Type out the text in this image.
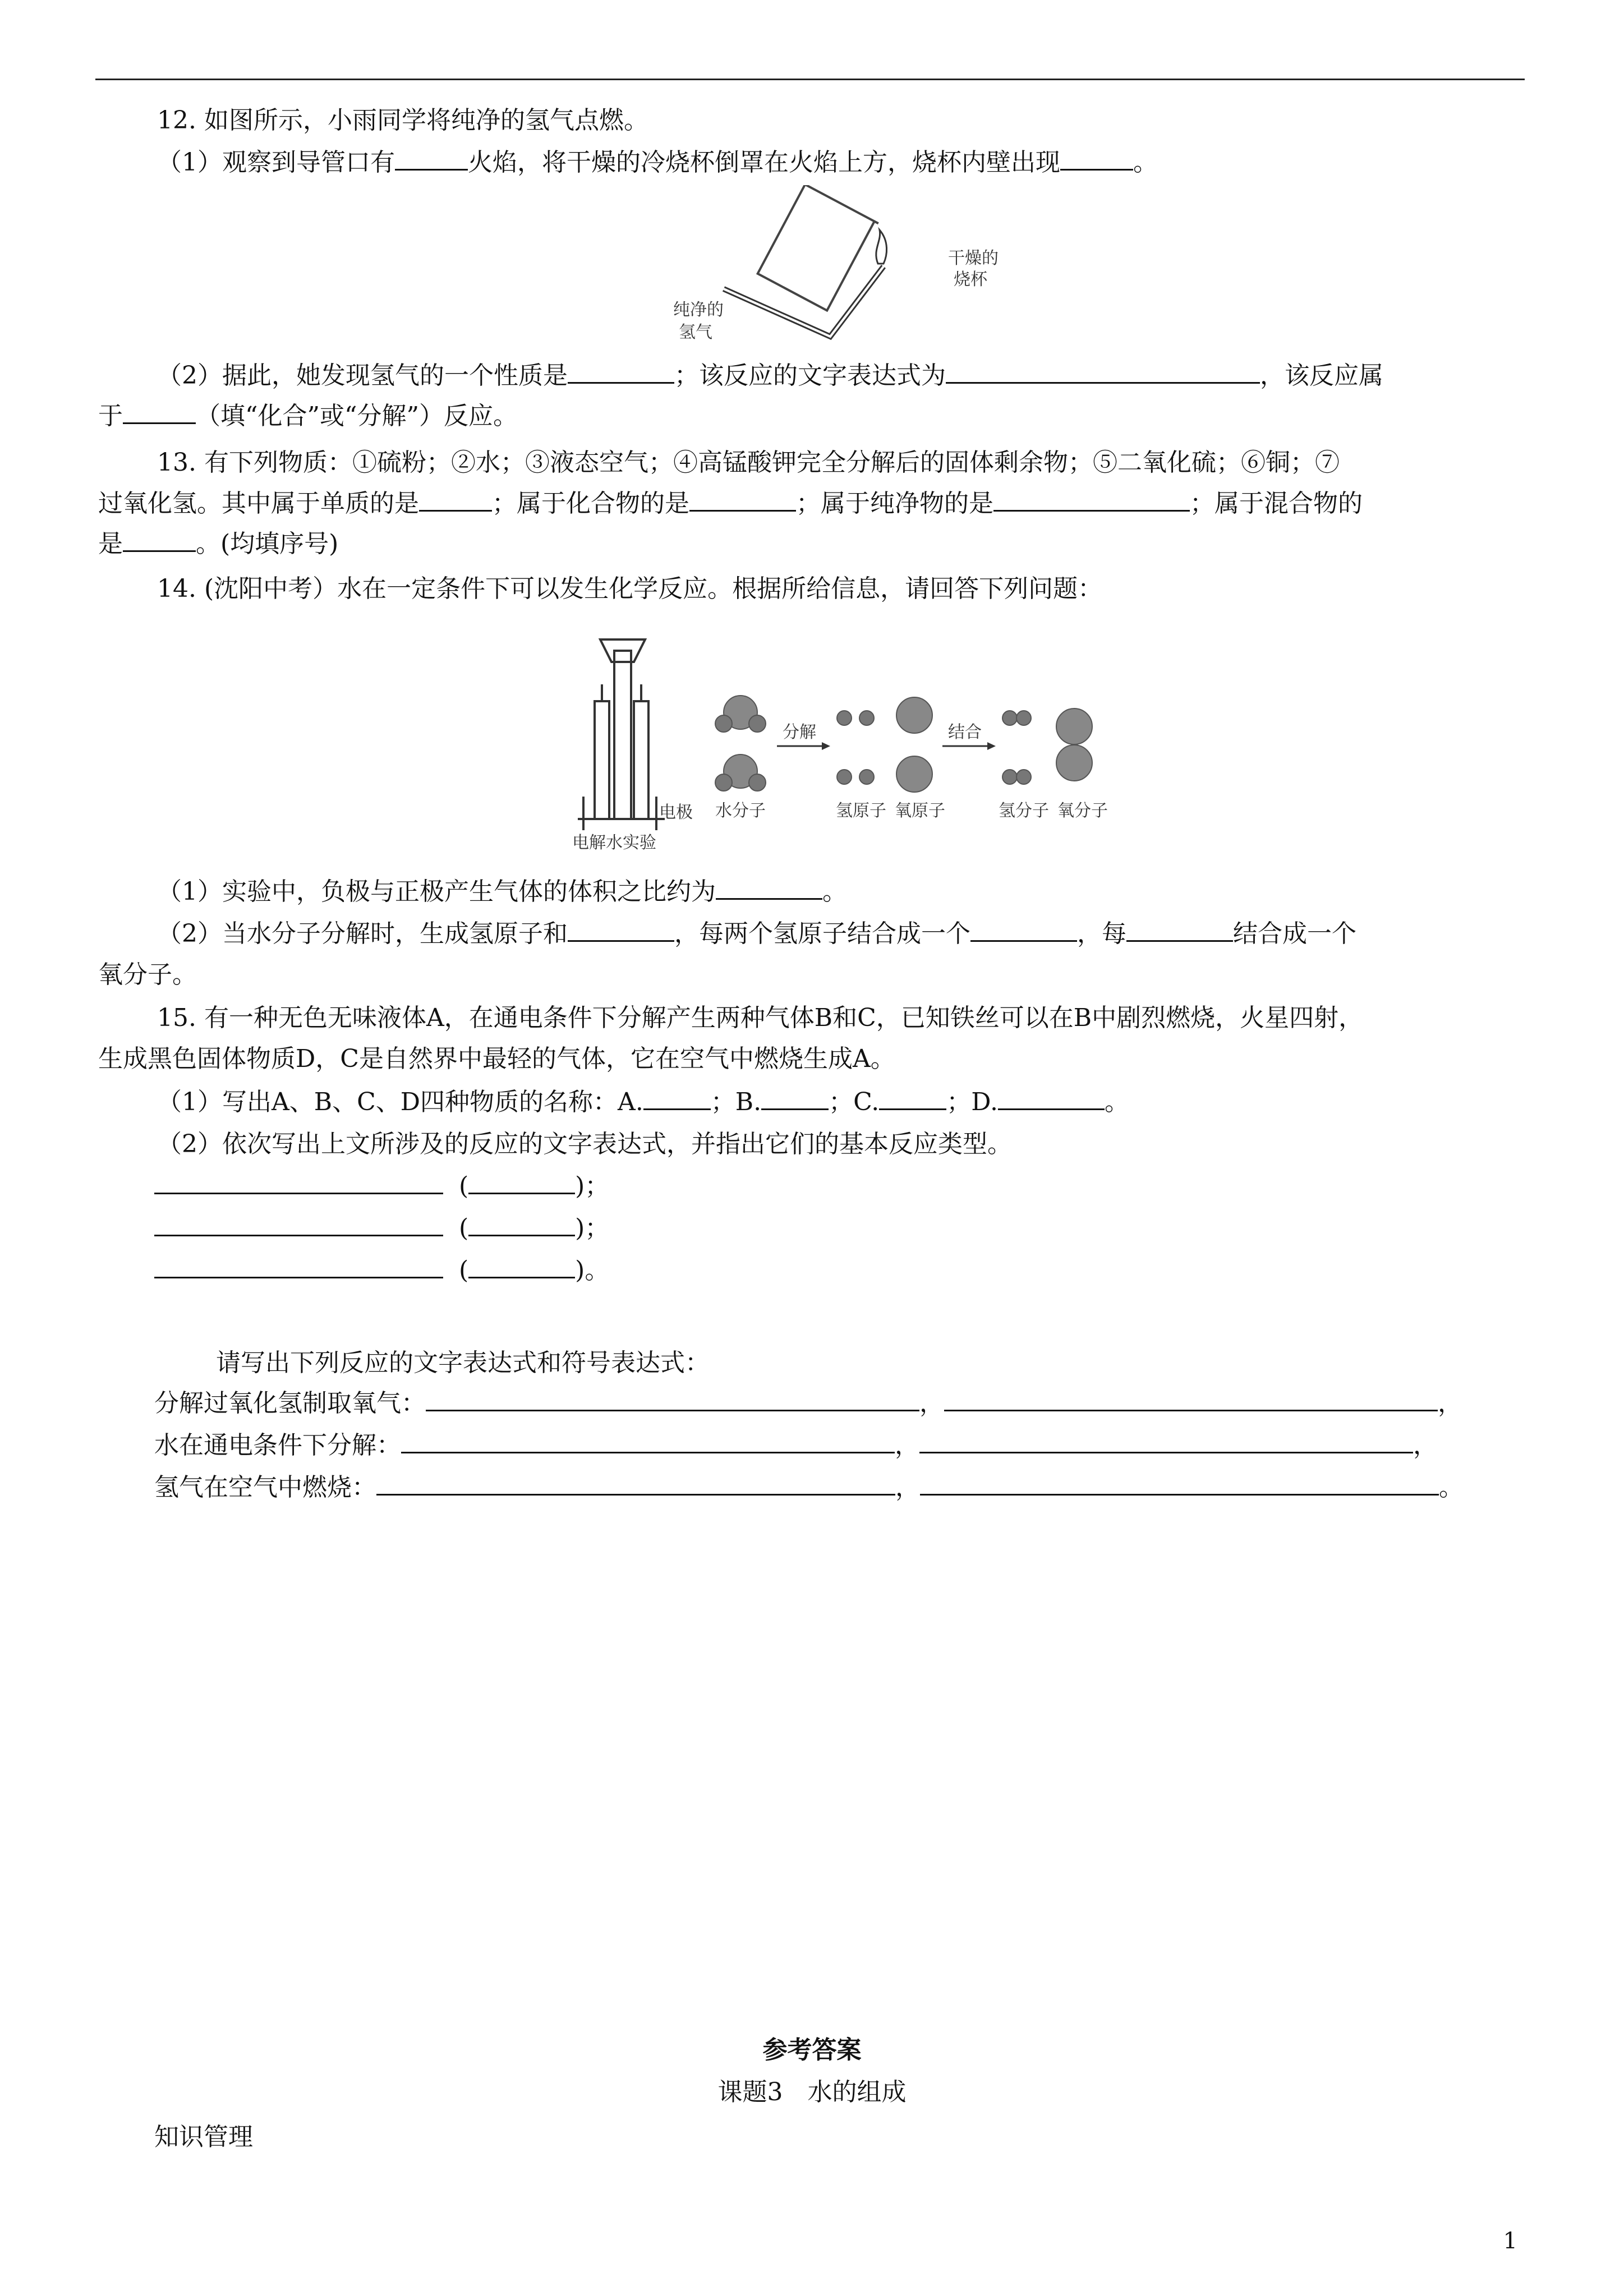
12. 如图所示，小雨同学将纯净的氢气点燃。
（1）观察到导管口有	火焰，将干燥的冷烧杯倒罩在火焰上方，烧杯内壁出现	。
干燥的
烧杯
纯净的
氢气
（2）据此，她发现氢气的一个性质是	；该反应的文字表达式为	，该反应属
于	（填“化合”或“分解”）反应。
13. 有下列物质：①硫粉；②水；③液态空气；④高锰酸钾完全分解后的固体剩余物；⑤二氧化硫；⑥铜；⑦
过氧化氢。其中属于单质的是	；属于化合物的是	；属于纯净物的是	；属于混合物的
是	。(均填序号)
14. (沈阳中考）水在一定条件下可以发生化学反应。根据所给信息，请回答下列问题：
电极
电解水实验
水分子
分解
氢原子 氧原子
结合
氢分子 氧分子
（1）实验中，负极与正极产生气体的体积之比约为	。
（2）当水分子分解时，生成氢原子和	，每两个氢原子结合成一个	，每	结合成一个
氧分子。
15. 有一种无色无味液体A，在通电条件下分解产生两种气体B和C，已知铁丝可以在B中剧烈燃烧，火星四射，
生成黑色固体物质D，C是自然界中最轻的气体，它在空气中燃烧生成A。
（1）写出A、B、C、D四种物质的名称：A.	；B.	；C.	；D.	。
（2）依次写出上文所涉及的反应的文字表达式，并指出它们的基本反应类型。
(	)；
(	)；
(	)。
请写出下列反应的文字表达式和符号表达式：
分解过氧化氢制取氧气：	，	，
水在通电条件下分解：	，	，
氢气在空气中燃烧：	，	。
参考答案
课题3　水的组成
知识管理
1
